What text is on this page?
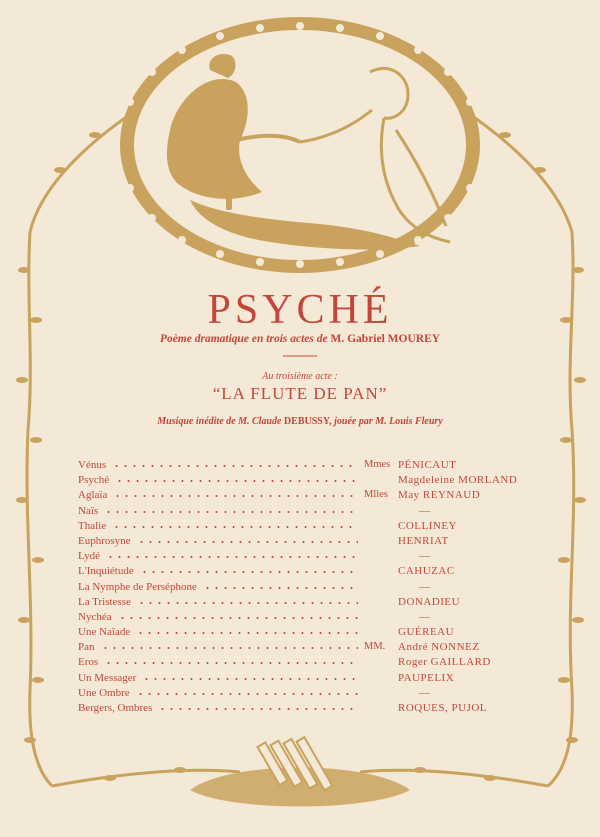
PSYCHÉ
Poème dramatique en trois actes de M. Gabriel MOUREY
Au troisième acte :
“LA FLUTE DE PAN”
Musique inédite de M. Claude DEBUSSY, jouée par M. Louis Fleury
Vénus	Mmes PÉNICAUT
Psyché	Magdeleine MORLAND
Aglaïa	Mlles May REYNAUD
Naïs	—
Thalie	COLLINEY
Euphrosyne	HENRIAT
Lydé	—
L'Inquiétude	CAHUZAC
La Nymphe de Perséphone	—
La Tristesse	DONADIEU
Nychéa	—
Une Naïade	GUÉREAU
Pan	MM. André NONNEZ
Eros	Roger GAILLARD
Un Messager	PAUPELIX
Une Ombre	—
Bergers, Ombres	ROQUES, PUJOL
